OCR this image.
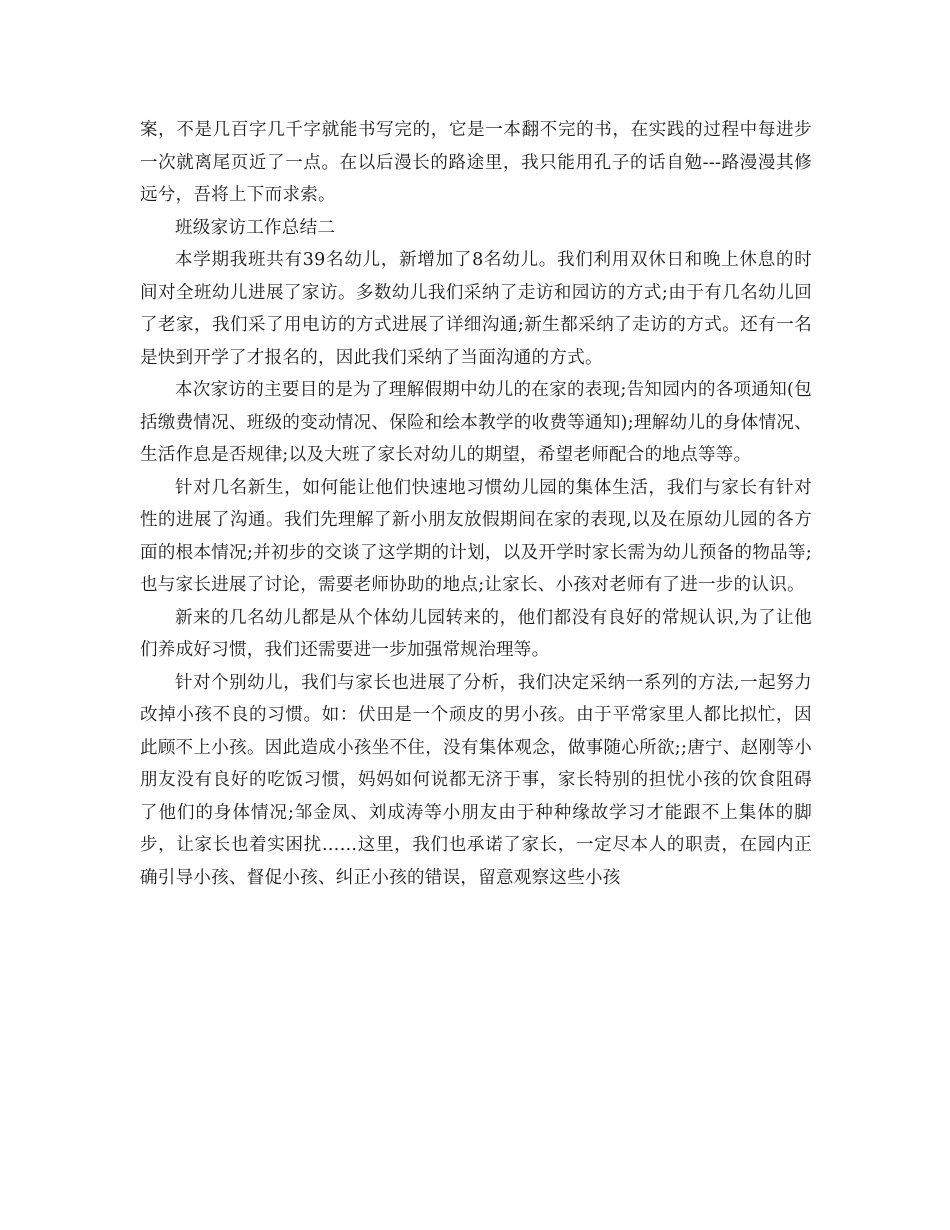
案，不是几百字几千字就能书写完的，它是一本翻不完的书，在实践的过程中每进步一次就离尾页近了一点。在以后漫长的路途里，我只能用孔子的话自勉---路漫漫其修远兮，吾将上下而求索。

班级家访工作总结二

本学期我班共有39名幼儿，新增加了8名幼儿。我们利用双休日和晚上休息的时间对全班幼儿进展了家访。多数幼儿我们采纳了走访和园访的方式;由于有几名幼儿回了老家，我们采了用电访的方式进展了详细沟通;新生都采纳了走访的方式。还有一名是快到开学了才报名的，因此我们采纳了当面沟通的方式。

本次家访的主要目的是为了理解假期中幼儿的在家的表现;告知园内的各项通知(包括缴费情况、班级的变动情况、保险和绘本教学的收费等通知);理解幼儿的身体情况、生活作息是否规律;以及大班了家长对幼儿的期望，希望老师配合的地点等等。

针对几名新生，如何能让他们快速地习惯幼儿园的集体生活，我们与家长有针对性的进展了沟通。我们先理解了新小朋友放假期间在家的表现,以及在原幼儿园的各方面的根本情况;并初步的交谈了这学期的计划，以及开学时家长需为幼儿预备的物品等;也与家长进展了讨论，需要老师协助的地点;让家长、小孩对老师有了进一步的认识。

新来的几名幼儿都是从个体幼儿园转来的，他们都没有良好的常规认识,为了让他们养成好习惯，我们还需要进一步加强常规治理等。

针对个别幼儿，我们与家长也进展了分析，我们决定采纳一系列的方法,一起努力改掉小孩不良的习惯。如：伏田是一个顽皮的男小孩。由于平常家里人都比拟忙，因此顾不上小孩。因此造成小孩坐不住，没有集体观念，做事随心所欲;;唐宁、赵刚等小朋友没有良好的吃饭习惯，妈妈如何说都无济于事，家长特别的担忧小孩的饮食阻碍了他们的身体情况;邹金凤、刘成涛等小朋友由于种种缘故学习才能跟不上集体的脚步，让家长也着实困扰……这里，我们也承诺了家长，一定尽本人的职责，在园内正确引导小孩、督促小孩、纠正小孩的错误，留意观察这些小孩
